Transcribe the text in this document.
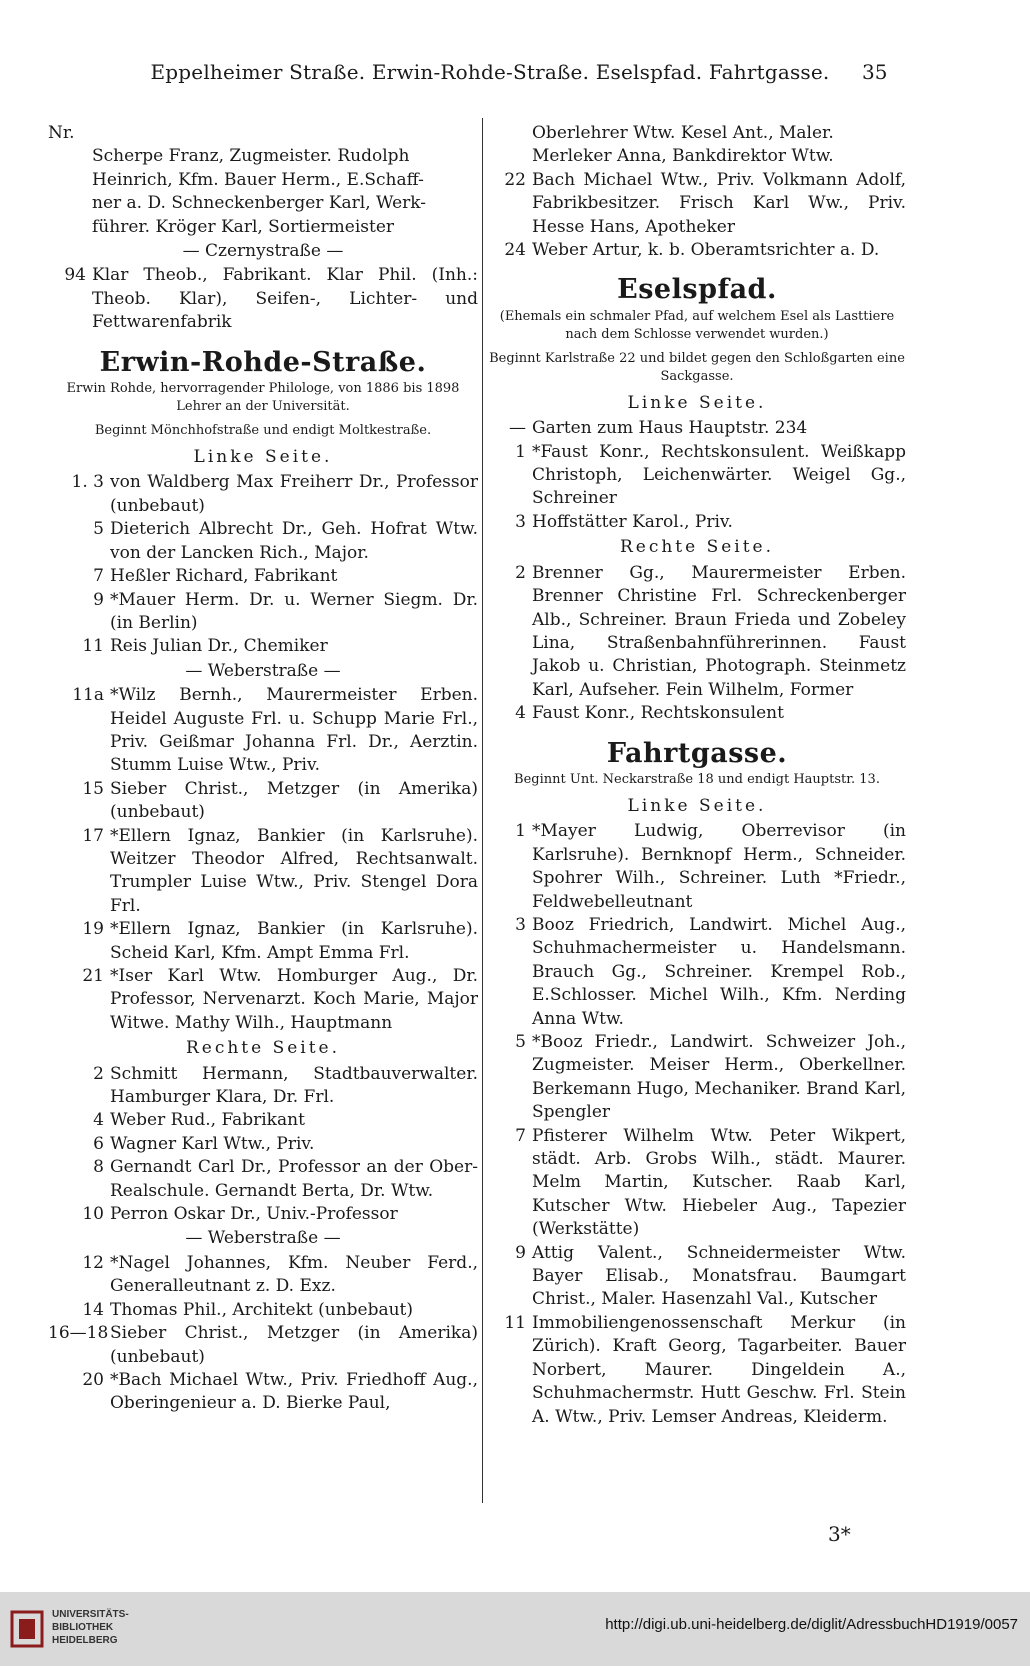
Eppelheimer Straße. Erwin-Rohde-Straße. Eselspfad. Fahrtgasse.	35
Nr.
Scherpe Franz, Zugmeister. Rudolph
Heinrich, Kfm. Bauer Herm., E.Schaff-
ner a. D. Schneckenberger Karl, Werk-
führer. Kröger Karl, Sortiermeister
— Czernystraße —
94 Klar Theob., Fabrikant. Klar Phil. (Inh.: Theob. Klar), Seifen-, Lichter- und Fettwarenfabrik
Erwin-Rohde-Straße.
Erwin Rohde, hervorragender Philologe, von 1886 bis 1898 Lehrer an der Universität.
Beginnt Mönchhofstraße und endigt Moltkestraße.
Linke Seite.
1. 3 von Waldberg Max Freiherr Dr., Professor (unbebaut)
5 Dieterich Albrecht Dr., Geh. Hofrat Wtw. von der Lancken Rich., Major.
7 Heßler Richard, Fabrikant
9 *Mauer Herm. Dr. u. Werner Siegm. Dr. (in Berlin)
11 Reis Julian Dr., Chemiker
— Weberstraße —
11a *Wilz Bernh., Maurermeister Erben. Heidel Auguste Frl. u. Schupp Marie Frl., Priv. Geißmar Johanna Frl. Dr., Aerztin. Stumm Luise Wtw., Priv.
15 Sieber Christ., Metzger (in Amerika) (unbebaut)
17 *Ellern Ignaz, Bankier (in Karlsruhe). Weitzer Theodor Alfred, Rechtsanwalt. Trumpler Luise Wtw., Priv. Stengel Dora Frl.
19 *Ellern Ignaz, Bankier (in Karlsruhe). Scheid Karl, Kfm. Ampt Emma Frl.
21 *Iser Karl Wtw. Homburger Aug., Dr. Professor, Nervenarzt. Koch Marie, Major Witwe. Mathy Wilh., Hauptmann
Rechte Seite.
2 Schmitt Hermann, Stadtbauverwalter. Hamburger Klara, Dr. Frl.
4 Weber Rud., Fabrikant
6 Wagner Karl Wtw., Priv.
8 Gernandt Carl Dr., Professor an der Ober-Realschule. Gernandt Berta, Dr. Wtw.
10 Perron Oskar Dr., Univ.-Professor
— Weberstraße —
12 *Nagel Johannes, Kfm. Neuber Ferd., Generalleutnant z. D. Exz.
14 Thomas Phil., Architekt (unbebaut)
16—18 Sieber Christ., Metzger (in Amerika) (unbebaut)
20 *Bach Michael Wtw., Priv. Friedhoff Aug., Oberingenieur a. D. Bierke Paul,
Oberlehrer Wtw. Kesel Ant., Maler.
Merleker Anna, Bankdirektor Wtw.
22 Bach Michael Wtw., Priv. Volkmann Adolf, Fabrikbesitzer. Frisch Karl Ww., Priv. Hesse Hans, Apotheker
24 Weber Artur, k. b. Oberamtsrichter a. D.
Eselspfad.
(Ehemals ein schmaler Pfad, auf welchem Esel als Lasttiere nach dem Schlosse verwendet wurden.)
Beginnt Karlstraße 22 und bildet gegen den Schloßgarten eine Sackgasse.
Linke Seite.
— Garten zum Haus Hauptstr. 234
1 *Faust Konr., Rechtskonsulent. Weißkapp Christoph, Leichenwärter. Weigel Gg., Schreiner
3 Hoffstätter Karol., Priv.
Rechte Seite.
2 Brenner Gg., Maurermeister Erben. Brenner Christine Frl. Schreckenberger Alb., Schreiner. Braun Frieda und Zobeley Lina, Straßenbahnführerinnen. Faust Jakob u. Christian, Photograph. Steinmetz Karl, Aufseher. Fein Wilhelm, Former
4 Faust Konr., Rechtskonsulent
Fahrtgasse.
Beginnt Unt. Neckarstraße 18 und endigt Hauptstr. 13.
Linke Seite.
1 *Mayer Ludwig, Oberrevisor (in Karlsruhe). Bernknopf Herm., Schneider. Spohrer Wilh., Schreiner. Luth *Friedr., Feldwebelleutnant
3 Booz Friedrich, Landwirt. Michel Aug., Schuhmachermeister u. Handelsmann. Brauch Gg., Schreiner. Krempel Rob., E.Schlosser. Michel Wilh., Kfm. Nerding Anna Wtw.
5 *Booz Friedr., Landwirt. Schweizer Joh., Zugmeister. Meiser Herm., Oberkellner. Berkemann Hugo, Mechaniker. Brand Karl, Spengler
7 Pfisterer Wilhelm Wtw. Peter Wikpert, städt. Arb. Grobs Wilh., städt. Maurer. Melm Martin, Kutscher. Raab Karl, Kutscher Wtw. Hiebeler Aug., Tapezier (Werkstätte)
9 Attig Valent., Schneidermeister Wtw. Bayer Elisab., Monatsfrau. Baumgart Christ., Maler. Hasenzahl Val., Kutscher
11 Immobiliengenossenschaft Merkur (in Zürich). Kraft Georg, Tagarbeiter. Bauer Norbert, Maurer. Dingeldein A., Schuhmachermstr. Hutt Geschw. Frl. Stein A. Wtw., Priv. Lemser Andreas, Kleiderm.
3*
UNIVERSITÄTS-
BIBLIOTHEK
HEIDELBERG
http://digi.ub.uni-heidelberg.de/diglit/AdressbuchHD1919/0057
